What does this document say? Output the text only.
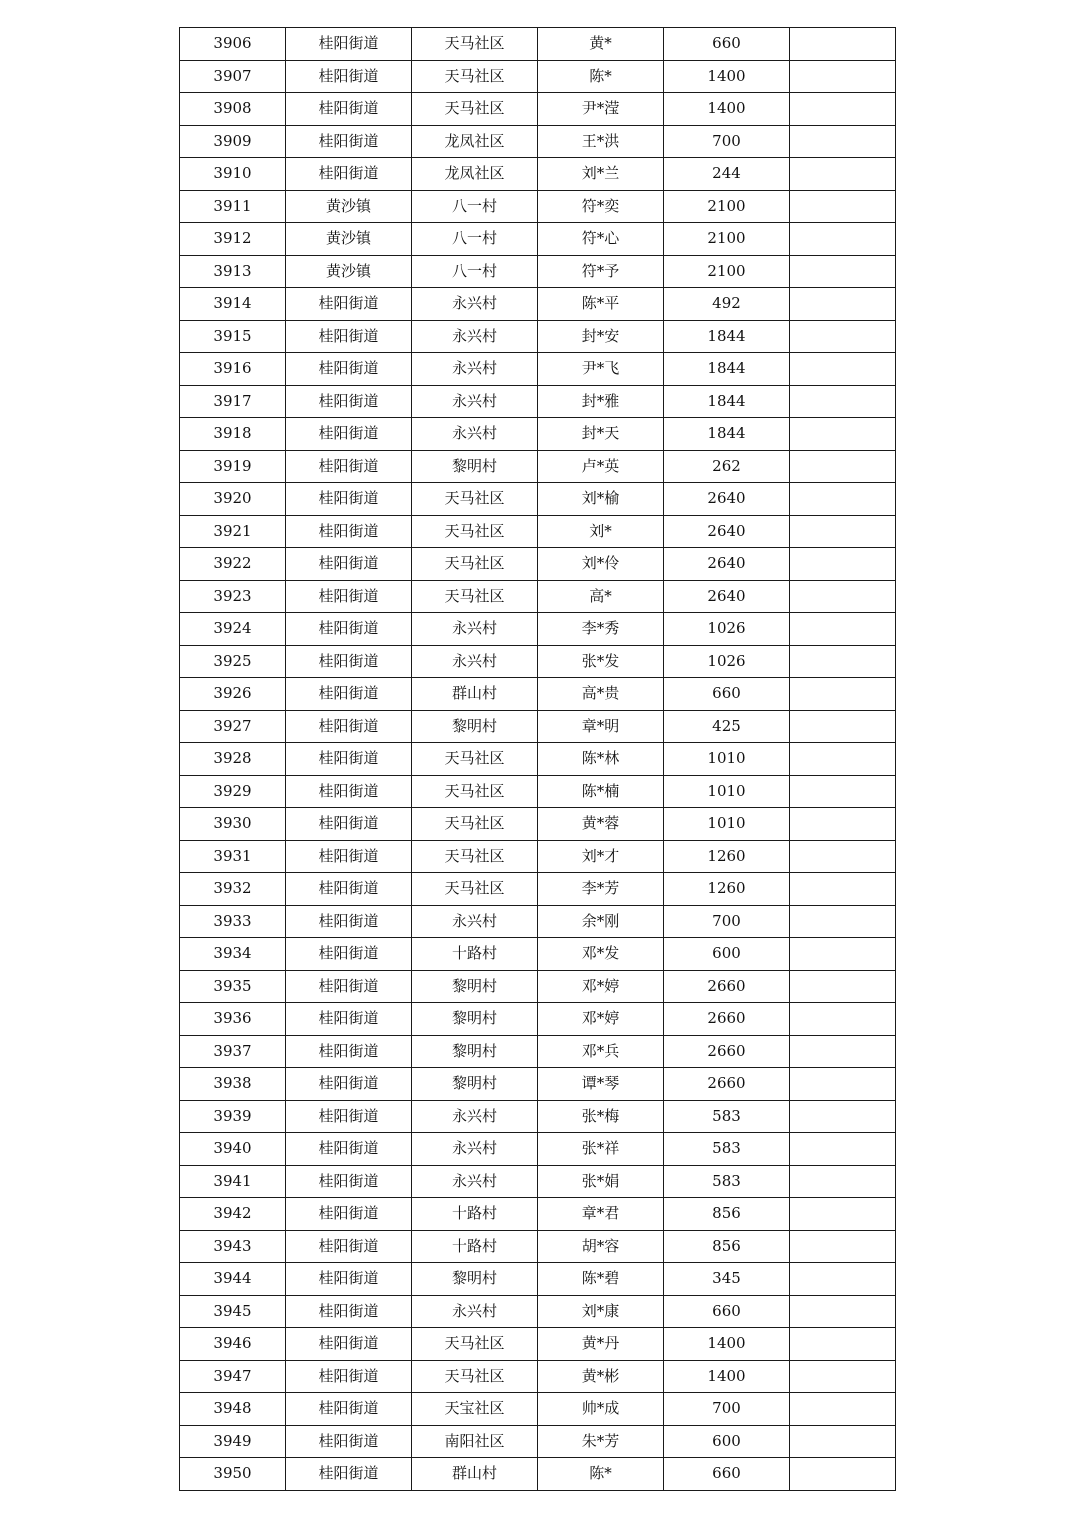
3906	桂阳街道	天马社区	黄*	660	
3907	桂阳街道	天马社区	陈*	1400	
3908	桂阳街道	天马社区	尹*滢	1400	
3909	桂阳街道	龙凤社区	王*洪	700	
3910	桂阳街道	龙凤社区	刘*兰	244	
3911	黄沙镇	八一村	符*奕	2100	
3912	黄沙镇	八一村	符*心	2100	
3913	黄沙镇	八一村	符*予	2100	
3914	桂阳街道	永兴村	陈*平	492	
3915	桂阳街道	永兴村	封*安	1844	
3916	桂阳街道	永兴村	尹*飞	1844	
3917	桂阳街道	永兴村	封*雅	1844	
3918	桂阳街道	永兴村	封*天	1844	
3919	桂阳街道	黎明村	卢*英	262	
3920	桂阳街道	天马社区	刘*榆	2640	
3921	桂阳街道	天马社区	刘*	2640	
3922	桂阳街道	天马社区	刘*伶	2640	
3923	桂阳街道	天马社区	高*	2640	
3924	桂阳街道	永兴村	李*秀	1026	
3925	桂阳街道	永兴村	张*发	1026	
3926	桂阳街道	群山村	高*贵	660	
3927	桂阳街道	黎明村	章*明	425	
3928	桂阳街道	天马社区	陈*林	1010	
3929	桂阳街道	天马社区	陈*楠	1010	
3930	桂阳街道	天马社区	黄*蓉	1010	
3931	桂阳街道	天马社区	刘*才	1260	
3932	桂阳街道	天马社区	李*芳	1260	
3933	桂阳街道	永兴村	余*刚	700	
3934	桂阳街道	十路村	邓*发	600	
3935	桂阳街道	黎明村	邓*婷	2660	
3936	桂阳街道	黎明村	邓*婷	2660	
3937	桂阳街道	黎明村	邓*兵	2660	
3938	桂阳街道	黎明村	谭*琴	2660	
3939	桂阳街道	永兴村	张*梅	583	
3940	桂阳街道	永兴村	张*祥	583	
3941	桂阳街道	永兴村	张*娟	583	
3942	桂阳街道	十路村	章*君	856	
3943	桂阳街道	十路村	胡*容	856	
3944	桂阳街道	黎明村	陈*碧	345	
3945	桂阳街道	永兴村	刘*康	660	
3946	桂阳街道	天马社区	黄*丹	1400	
3947	桂阳街道	天马社区	黄*彬	1400	
3948	桂阳街道	天宝社区	帅*成	700	
3949	桂阳街道	南阳社区	朱*芳	600	
3950	桂阳街道	群山村	陈*	660	
